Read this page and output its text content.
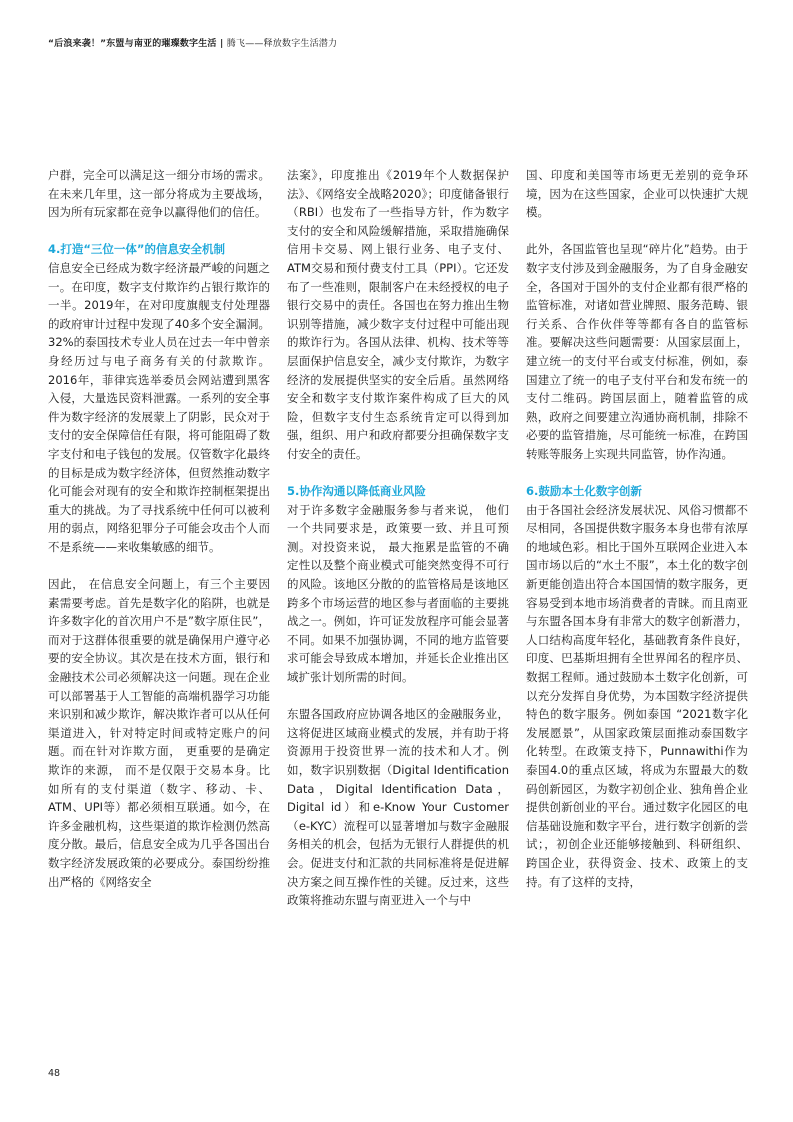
“后浪来袭！”东盟与南亚的璀璨数字生活 | 腾飞——释放数字生活潜力

户群，完全可以满足这一细分市场的需求。在未来几年里，这一部分将成为主要战场，因为所有玩家都在竞争以赢得他们的信任。

4.打造“三位一体”的信息安全机制

信息安全已经成为数字经济最严峻的问题之一。在印度，数字支付欺诈约占银行欺诈的一半。2019年，在对印度旗舰支付处理器的政府审计过程中发现了40多个安全漏洞。32%的泰国技术专业人员在过去一年中曾亲身经历过与电子商务有关的付款欺诈。2016年，菲律宾选举委员会网站遭到黑客入侵，大量选民资料泄露。一系列的安全事件为数字经济的发展蒙上了阴影，民众对于支付的安全保障信任有限，将可能阻碍了数字支付和电子钱包的发展。仅管数字化最终的目标是成为数字经济体，但贸然推动数字化可能会对现有的安全和欺诈控制框架提出重大的挑战。为了寻找系统中任何可以被利用的弱点，网络犯罪分子可能会攻击个人而不是系统——来收集敏感的细节。

因此， 在信息安全问题上，有三个主要因素需要考虑。首先是数字化的陷阱，也就是许多数字化的首次用户不是”数字原住民”，而对于这群体很重要的就是确保用户遵守必要的安全协议。其次是在技术方面，银行和金融技术公司必须解决这一问题。现在企业可以部署基于人工智能的高端机器学习功能来识别和减少欺诈，解决欺诈者可以从任何渠道进入，针对特定时间或特定账户的问题。而在针对诈欺方面， 更重要的是确定欺诈的来源， 而不是仅限于交易本身。比如所有的支付渠道（数字、移动、卡、ATM、UPI等）都必须相互联通。如今，在许多金融机构，这些渠道的欺诈检测仍然高度分散。最后，信息安全成为几乎各国出台数字经济发展政策的必要成分。泰国纷纷推出严格的《网络安全

法案》，印度推出《2019年个人数据保护法》、《网络安全战略2020》；印度储备银行（RBI）也发布了一些指导方针，作为数字支付的安全和风险缓解措施，采取措施确保信用卡交易、网上银行业务、电子支付、ATM交易和预付费支付工具（PPI）。它还发布了一些准则，限制客户在未经授权的电子银行交易中的责任。各国也在努力推出生物识别等措施，减少数字支付过程中可能出现的欺诈行为。各国从法律、机构、技术等等层面保护信息安全，减少支付欺诈，为数字经济的发展提供坚实的安全后盾。虽然网络安全和数字支付欺诈案件构成了巨大的风险，但数字支付生态系统肯定可以得到加强，组织、用户和政府都要分担确保数字支付安全的责任。

5.协作沟通以降低商业风险

对于许多数字金融服务参与者来说， 他们一个共同要求是，政策要一致、并且可预测。对投资来说， 最大拖累是监管的不确定性以及整个商业模式可能突然变得不可行的风险。该地区分散的的监管格局是该地区跨多个市场运营的地区参与者面临的主要挑战之一。例如，许可证发放程序可能会显著不同。如果不加强协调，不同的地方监管要求可能会导致成本增加，并延长企业推出区域扩张计划所需的时间。

东盟各国政府应协调各地区的金融服务业，这将促进区域商业模式的发展，并有助于将资源用于投资世界一流的技术和人才。例如，数字识别数据（Digital Identification Data，Digital Identification Data，Digital id）和e-Know Your Customer（e-KYC）流程可以显著增加与数字金融服务相关的机会，包括为无银行人群提供的机会。促进支付和汇款的共同标准将是促进解决方案之间互操作性的关键。反过来，这些政策将推动东盟与南亚进入一个与中

国、印度和美国等市场更无差别的竞争环境，因为在这些国家，企业可以快速扩大规模。

此外，各国监管也呈现“碎片化”趋势。由于数字支付涉及到金融服务，为了自身金融安全，各国对于国外的支付企业都有很严格的监管标准，对诸如营业牌照、服务范畴、银行关系、合作伙伴等等都有各自的监管标准。要解决这些问题需要：从国家层面上，建立统一的支付平台或支付标准，例如，泰国建立了统一的电子支付平台和发布统一的支付二维码。跨国层面上，随着监管的成熟，政府之间要建立沟通协商机制，排除不必要的监管措施，尽可能统一标准，在跨国转账等服务上实现共同监管，协作沟通。

6.鼓励本土化数字创新

由于各国社会经济发展状况、风俗习惯都不尽相同，各国提供数字服务本身也带有浓厚的地域色彩。相比于国外互联网企业进入本国市场以后的“水土不服”，本土化的数字创新更能创造出符合本国国情的数字服务，更容易受到本地市场消费者的青睐。而且南亚与东盟各国本身有非常大的数字创新潜力，人口结构高度年轻化，基础教育条件良好，印度、巴基斯坦拥有全世界闻名的程序员、数据工程师。通过鼓励本土数字化创新，可以充分发挥自身优势，为本国数字经济提供特色的数字服务。例如泰国 “2021数字化发展愿景”，从国家政策层面推动泰国数字化转型。在政策支持下，Punnawithi作为泰国4.0的重点区域，将成为东盟最大的数码创新园区，为数字初创企业、独角兽企业提供创新创业的平台。通过数字化园区的电信基础设施和数字平台，进行数字创新的尝试；，初创企业还能够接触到、科研组织、跨国企业，获得资金、技术、政策上的支持。有了这样的支持，

48
